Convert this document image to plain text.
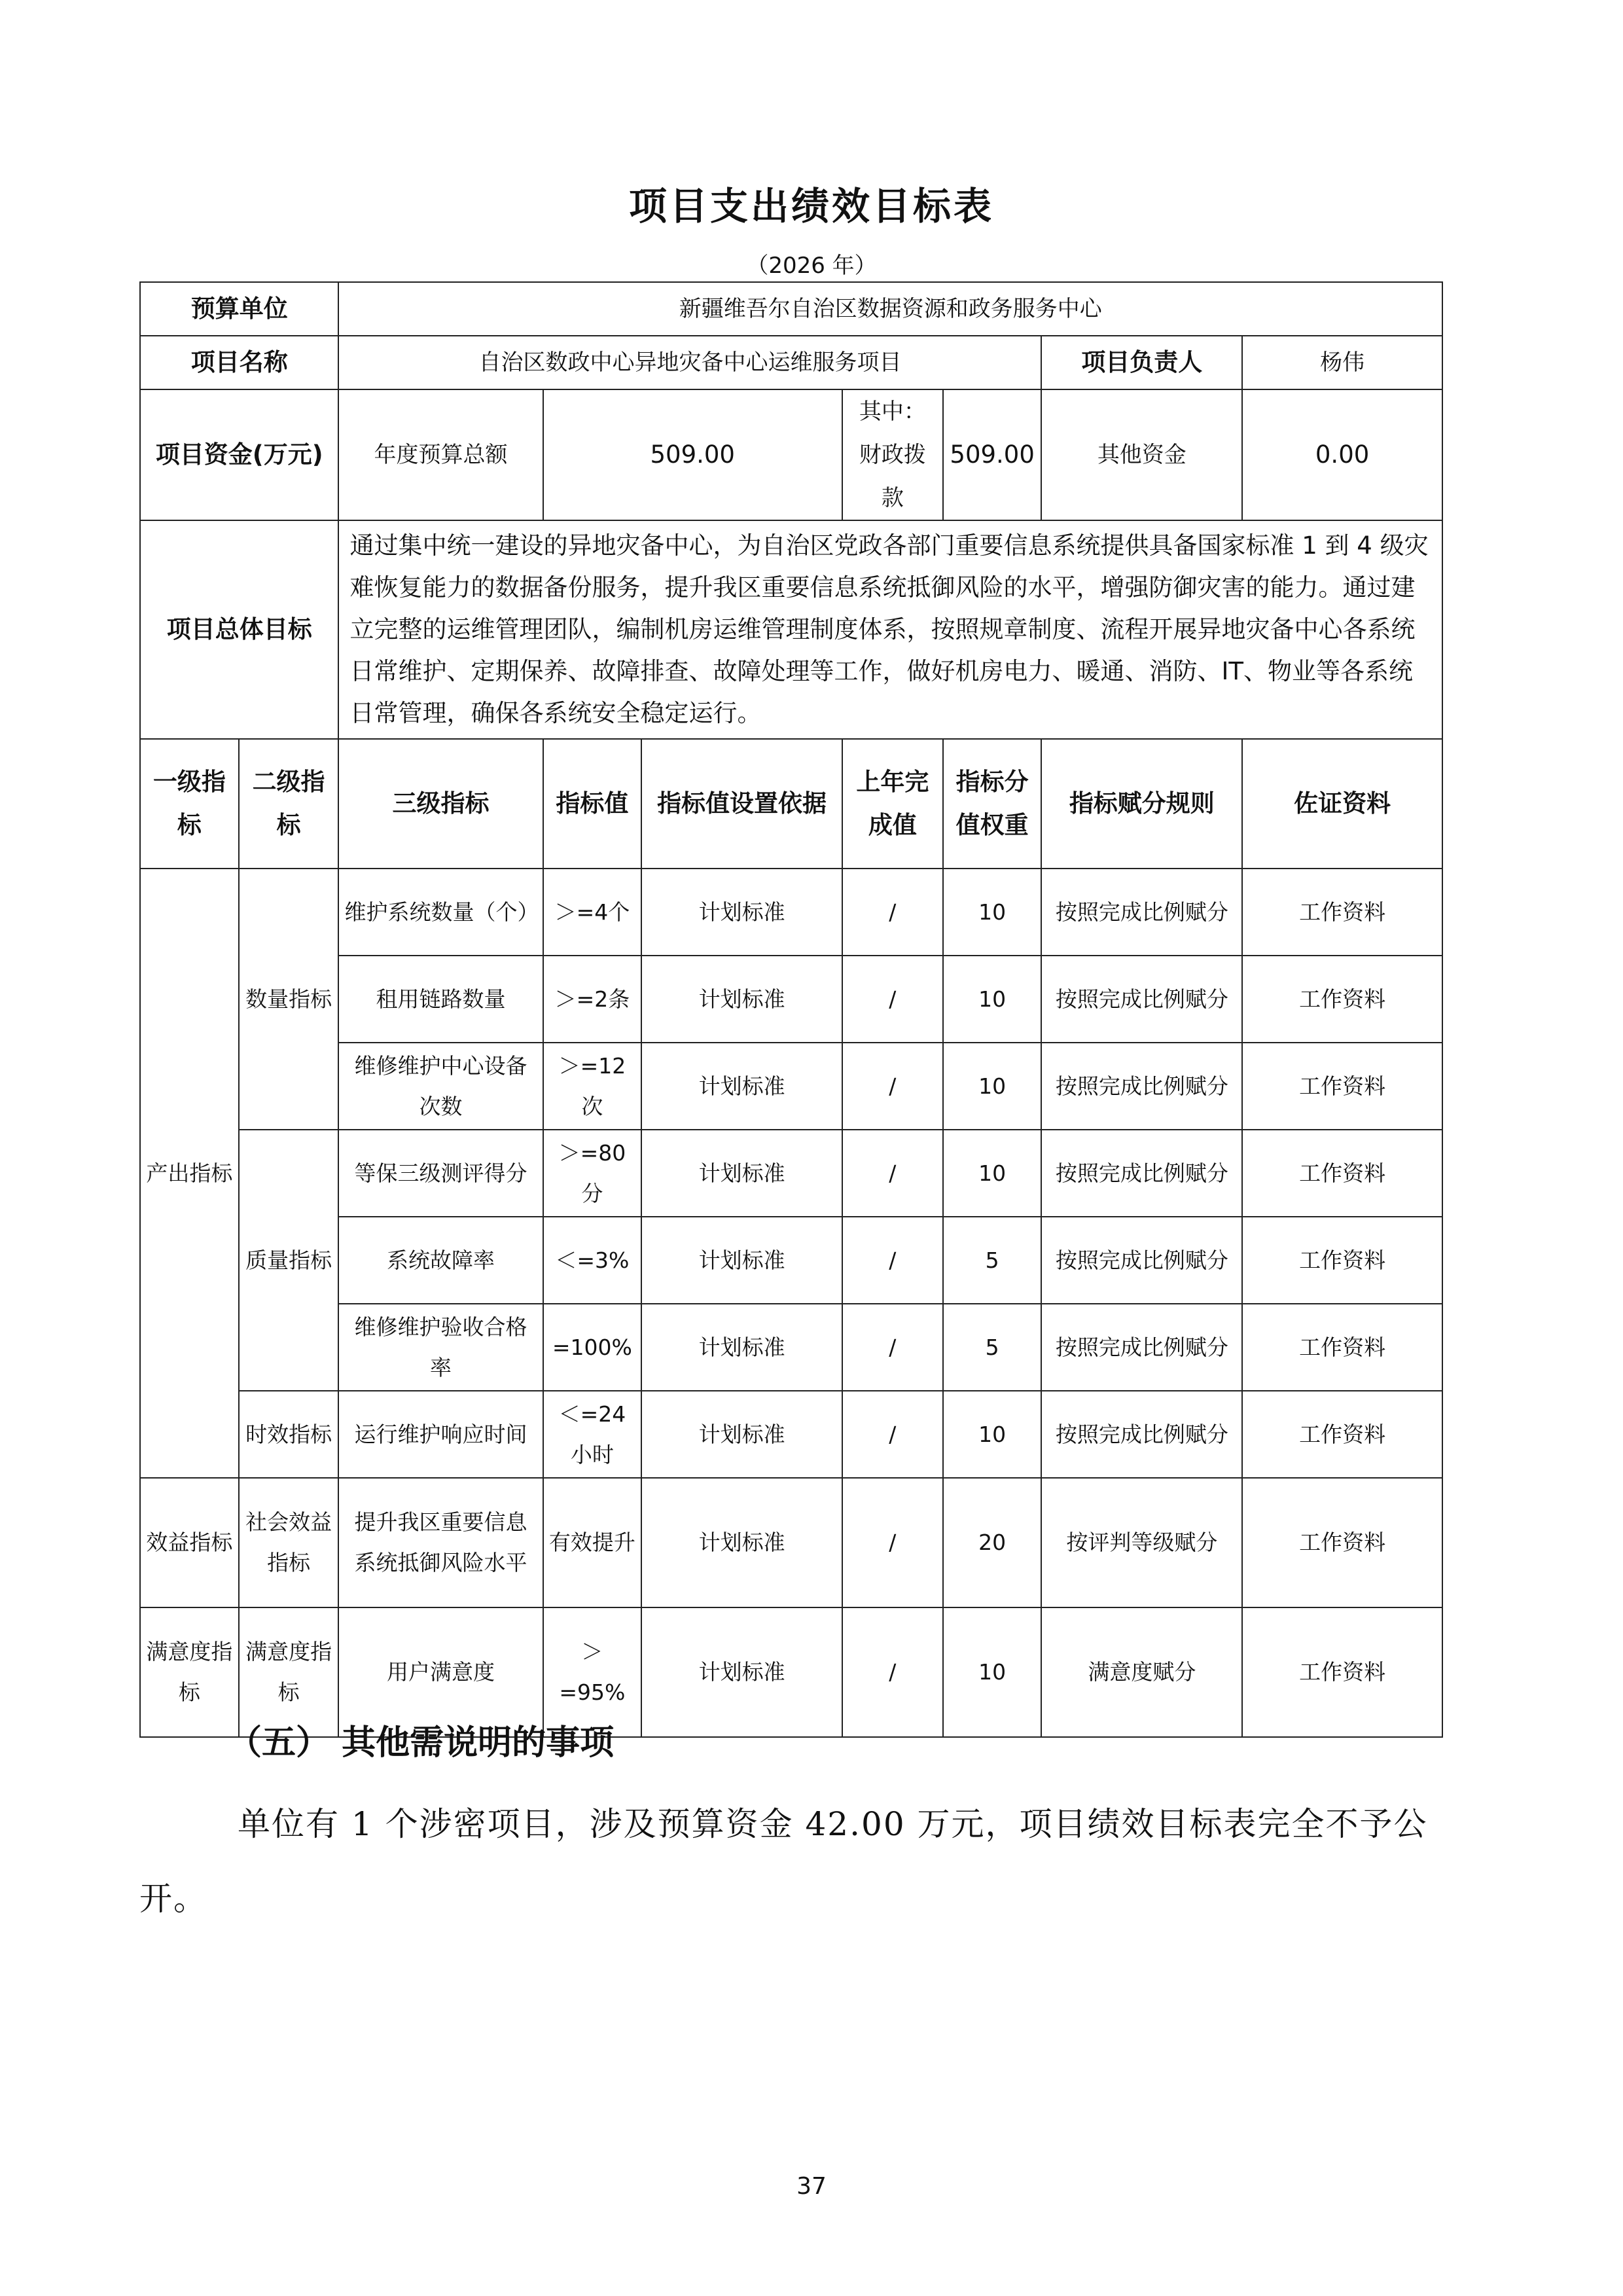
项目支出绩效目标表
（2026 年）
预算单位		新疆维吾尔自治区数据资源和政务服务中心						
项目名称		自治区数政中心异地灾备中心运维服务项目					项目负责人	杨伟
项目资金(万元)		年度预算总额	509.00		其中：财政拨款	509.00	其他资金	0.00
项目总体目标		通过集中统一建设的异地灾备中心，为自治区党政各部门重要信息系统提供具备国家标准 1 到 4 级灾难恢复能力的数据备份服务，提升我区重要信息系统抵御风险的水平，增强防御灾害的能力。通过建立完整的运维管理团队，编制机房运维管理制度体系，按照规章制度、流程开展异地灾备中心各系统日常维护、定期保养、故障排查、故障处理等工作，做好机房电力、暖通、消防、IT、物业等各系统日常管理，确保各系统安全稳定运行。						
一级指标	二级指标	三级指标	指标值	指标值设置依据	上年完成值	指标分值权重	指标赋分规则	佐证资料
产出指标	数量指标	维护系统数量（个）	＞=4个	计划标准	/	10	按照完成比例赋分	工作资料
		租用链路数量	＞=2条	计划标准	/	10	按照完成比例赋分	工作资料
		维修维护中心设备次数	＞=12次	计划标准	/	10	按照完成比例赋分	工作资料
	质量指标	等保三级测评得分	＞=80分	计划标准	/	10	按照完成比例赋分	工作资料
		系统故障率	＜=3%	计划标准	/	5	按照完成比例赋分	工作资料
		维修维护验收合格率	=100%	计划标准	/	5	按照完成比例赋分	工作资料
	时效指标	运行维护响应时间	＜=24小时	计划标准	/	10	按照完成比例赋分	工作资料
效益指标	社会效益指标	提升我区重要信息系统抵御风险水平	有效提升	计划标准	/	20	按评判等级赋分	工作资料
满意度指标	满意度指标	用户满意度	＞=95%	计划标准	/	10	满意度赋分	工作资料
（五） 其他需说明的事项
单位有 1 个涉密项目，涉及预算资金 42.00 万元，项目绩效目标表完全不予公开。
37
